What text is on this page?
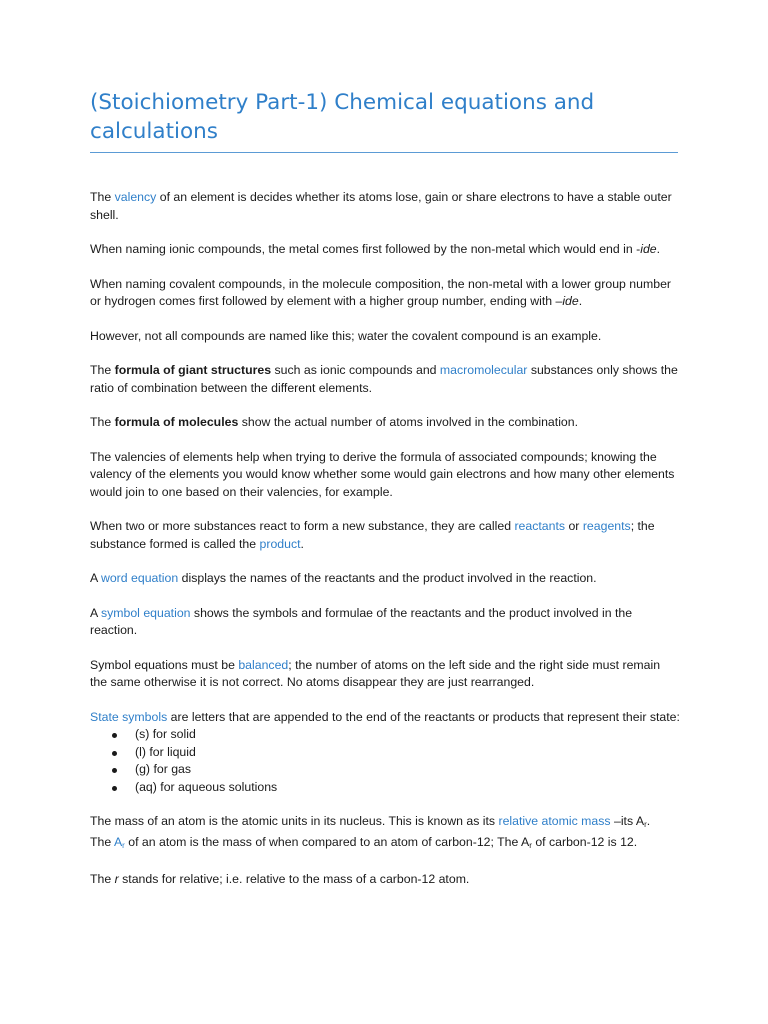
(Stoichiometry Part-1) Chemical equations and calculations

The valency of an element is decides whether its atoms lose, gain or share electrons to have a stable outer shell.

When naming ionic compounds, the metal comes first followed by the non-metal which would end in -ide.

When naming covalent compounds, in the molecule composition, the non-metal with a lower group number or hydrogen comes first followed by element with a higher group number, ending with –ide.

However, not all compounds are named like this; water the covalent compound is an example.

The formula of giant structures such as ionic compounds and macromolecular substances only shows the ratio of combination between the different elements.

The formula of molecules show the actual number of atoms involved in the combination.

The valencies of elements help when trying to derive the formula of associated compounds; knowing the valency of the elements you would know whether some would gain electrons and how many other elements would join to one based on their valencies, for example.

When two or more substances react to form a new substance, they are called reactants or reagents; the substance formed is called the product.

A word equation displays the names of the reactants and the product involved in the reaction.

A symbol equation shows the symbols and formulae of the reactants and the product involved in the reaction.

Symbol equations must be balanced; the number of atoms on the left side and the right side must remain the same otherwise it is not correct. No atoms disappear they are just rearranged.

State symbols are letters that are appended to the end of the reactants or products that represent their state:

(s) for solid
(l) for liquid
(g) for gas
(aq) for aqueous solutions

The mass of an atom is the atomic units in its nucleus. This is known as its relative atomic mass –its $A_r$.
The $A_r$ of an atom is the mass of when compared to an atom of carbon-12; The $A_r$ of carbon-12 is 12.

The r stands for relative; i.e. relative to the mass of a carbon-12 atom.
